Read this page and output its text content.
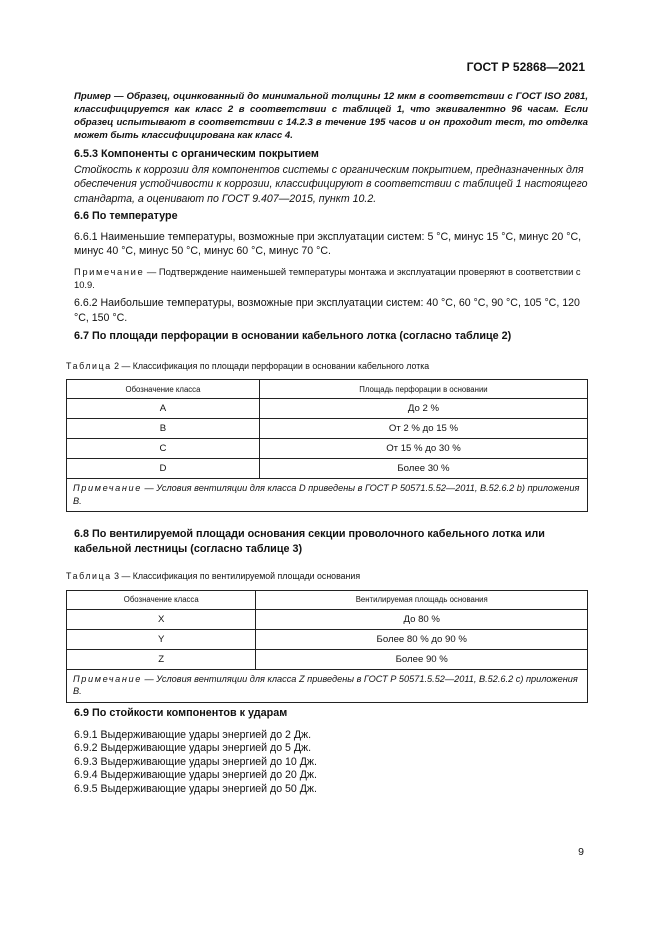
ГОСТ Р 52868—2021

Пример — Образец, оцинкованный до минимальной толщины 12 мкм в соответствии с ГОСТ ISO 2081, классифицируется как класс 2 в соответствии с таблицей 1, что эквивалентно 96 часам. Если образец испытывают в соответствии с 14.2.3 в течение 195 часов и он проходит тест, то отделка может быть классифицирована как класс 4.

6.5.3 Компоненты с органическим покрытием

Стойкость к коррозии для компонентов системы с органическим покрытием, предназначенных для обеспечения устойчивости к коррозии, классифицируют в соответствии с таблицей 1 настоящего стандарта, а оценивают по ГОСТ 9.407—2015, пункт 10.2.

6.6 По температуре

6.6.1 Наименьшие температуры, возможные при эксплуатации систем: 5 °С, минус 15 °С, минус 20 °С, минус 40 °С, минус 50 °С, минус 60 °С, минус 70 °С.

Примечание — Подтверждение наименьшей температуры монтажа и эксплуатации проверяют в соответствии с 10.9.

6.6.2 Наибольшие температуры, возможные при эксплуатации систем: 40 °С, 60 °С, 90 °С, 105 °С, 120 °С, 150 °С.

6.7 По площади перфорации в основании кабельного лотка (согласно таблице 2)

Таблица 2 — Классификация по площади перфорации в основании кабельного лотка

Обозначение класса	Площадь перфорации в основании
А	До 2 %
В	От 2 % до 15 %
С	От 15 % до 30 %
D	Более 30 %
Примечание — Условия вентиляции для класса D приведены в ГОСТ Р 50571.5.52—2011, В.52.6.2 b) приложения В.	

6.8 По вентилируемой площади основания секции проволочного кабельного лотка или кабельной лестницы (согласно таблице 3)

Таблица 3 — Классификация по вентилируемой площади основания

Обозначение класса	Вентилируемая площадь основания
X	До 80 %
Y	Более 80 % до 90 %
Z	Более 90 %
Примечание — Условия вентиляции для класса Z приведены в ГОСТ Р 50571.5.52—2011, В.52.6.2 c) приложения В.	

6.9 По стойкости компонентов к ударам

6.9.1 Выдерживающие удары энергией до 2 Дж.

6.9.2 Выдерживающие удары энергией до 5 Дж.

6.9.3 Выдерживающие удары энергией до 10 Дж.

6.9.4 Выдерживающие удары энергией до 20 Дж.

6.9.5 Выдерживающие удары энергией до 50 Дж.

9
